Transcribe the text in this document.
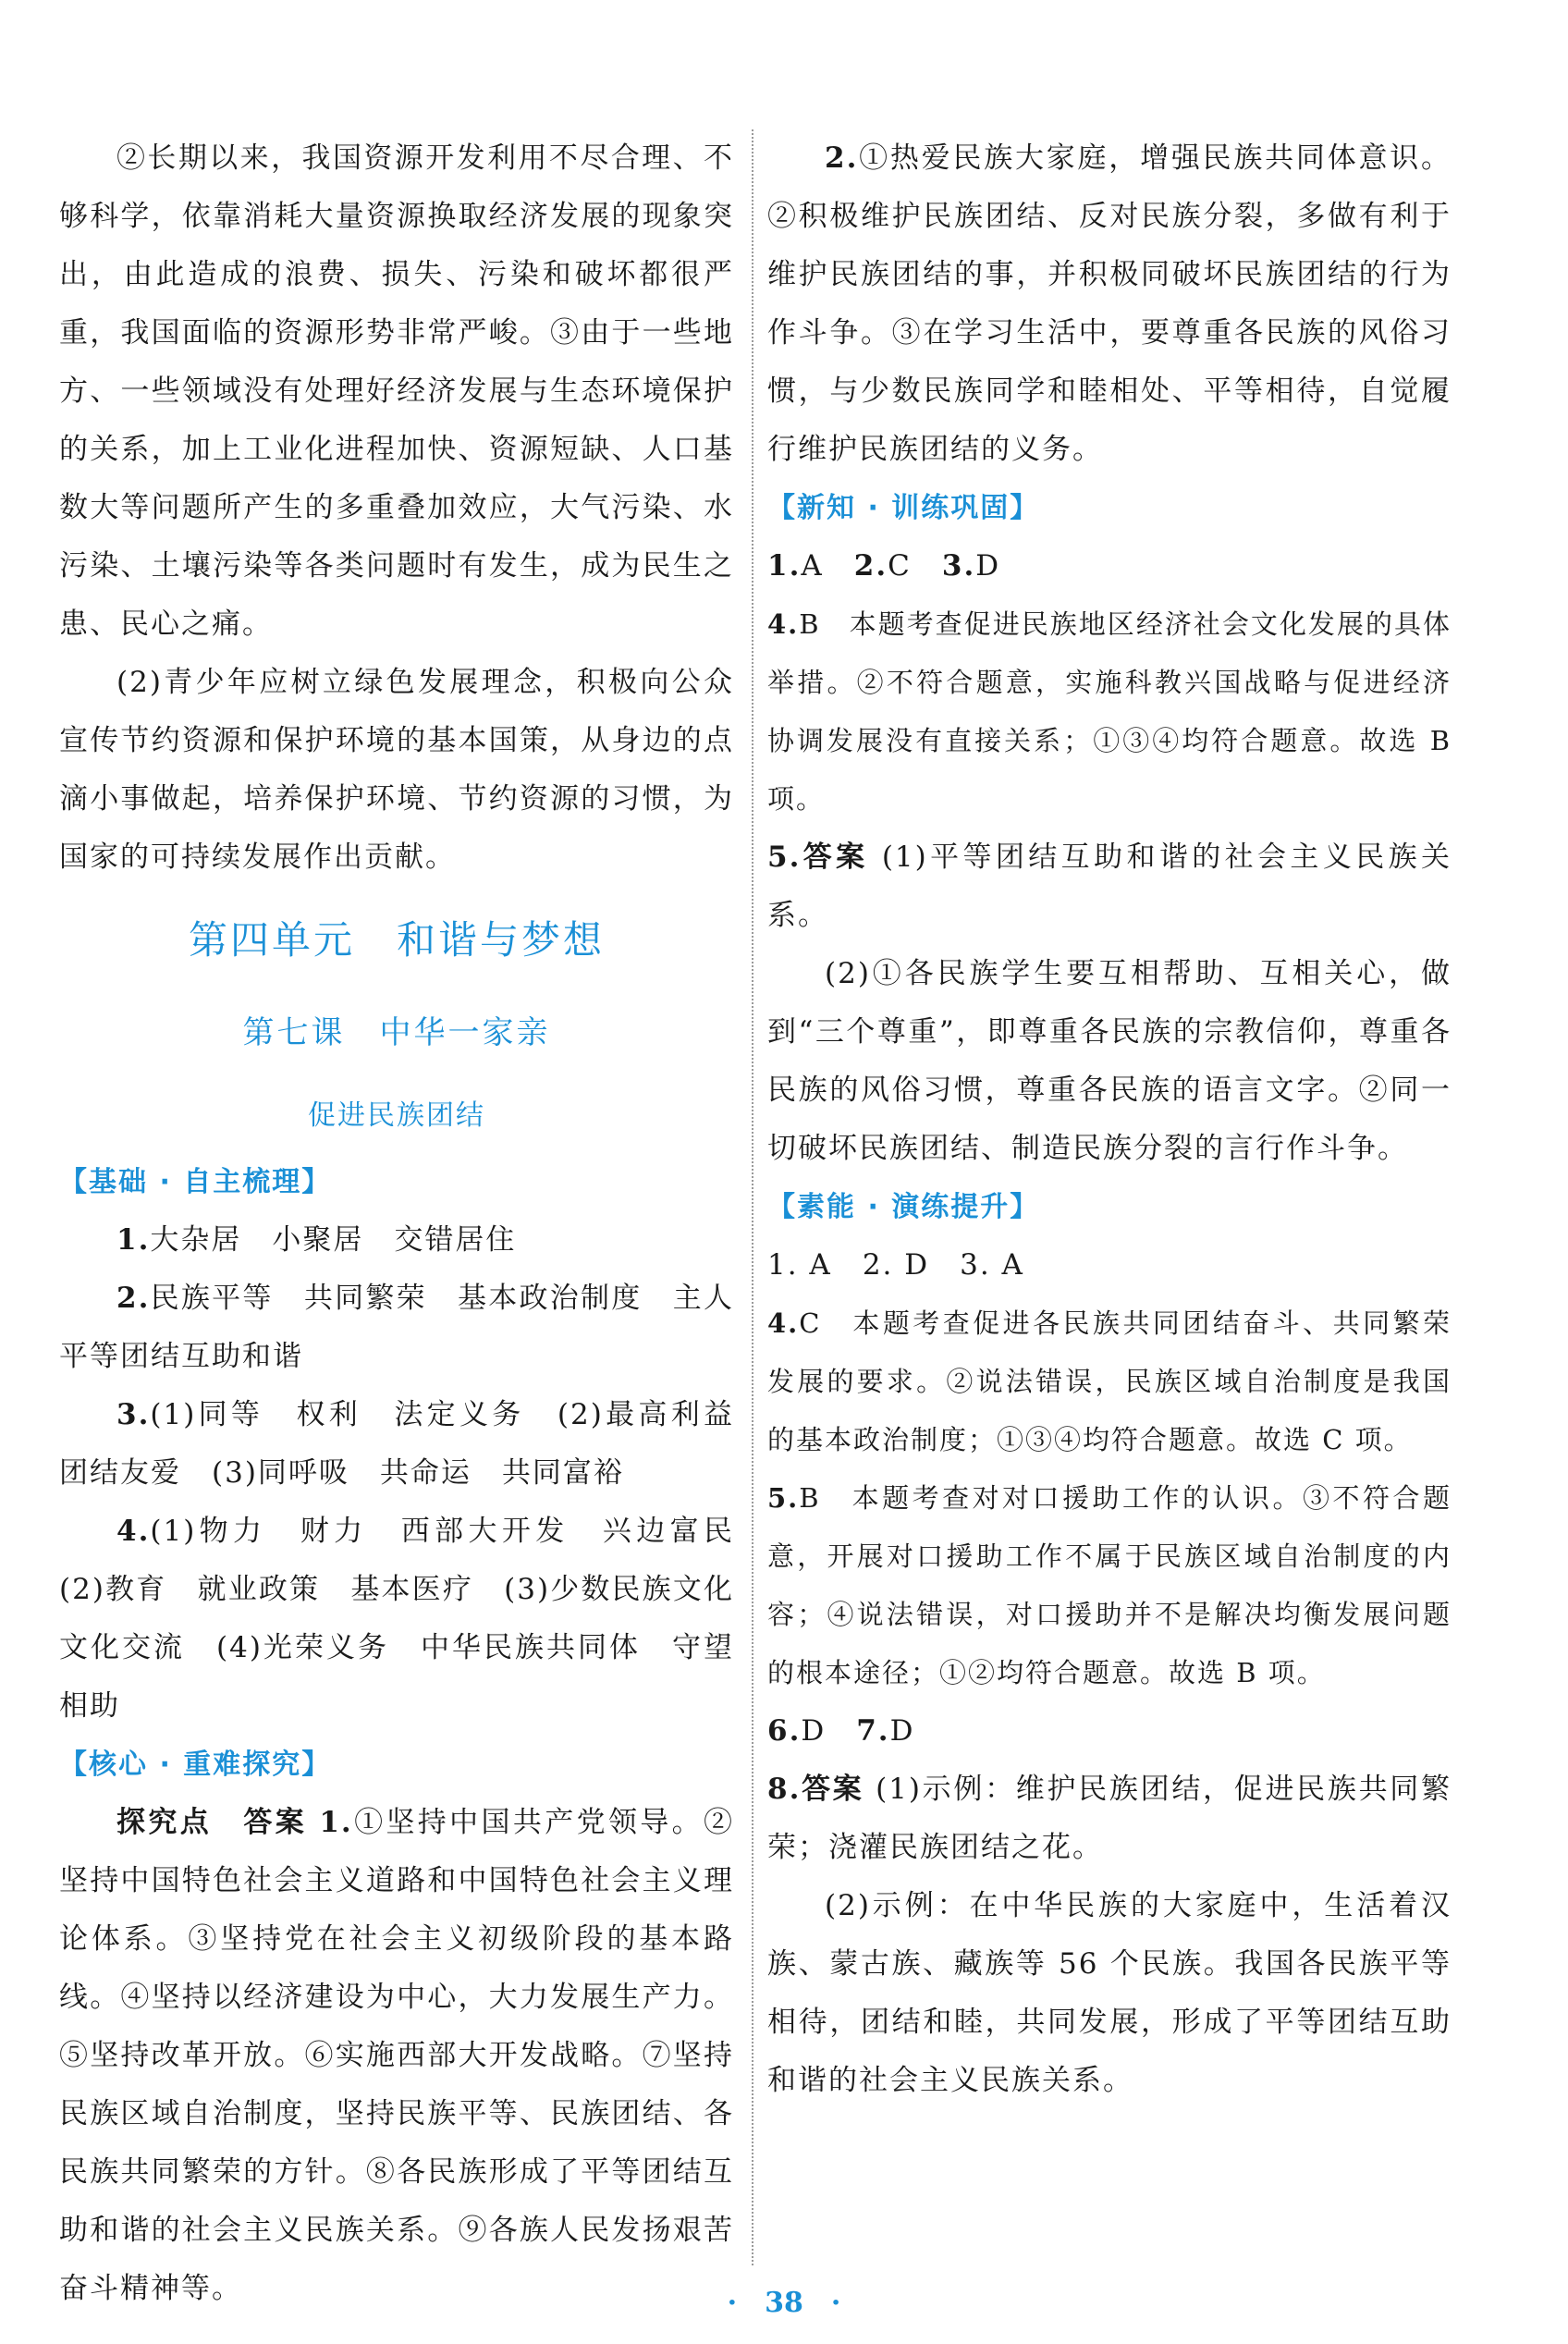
②长期以来，我国资源开发利用不尽合理、不够科学，依靠消耗大量资源换取经济发展的现象突出，由此造成的浪费、损失、污染和破坏都很严重，我国面临的资源形势非常严峻。③由于一些地方、一些领域没有处理好经济发展与生态环境保护的关系，加上工业化进程加快、资源短缺、人口基数大等问题所产生的多重叠加效应，大气污染、水污染、土壤污染等各类问题时有发生，成为民生之患、民心之痛。

(2)青少年应树立绿色发展理念，积极向公众宣传节约资源和保护环境的基本国策，从身边的点滴小事做起，培养保护环境、节约资源的习惯，为国家的可持续发展作出贡献。

第四单元　和谐与梦想
第七课　中华一家亲
促进民族团结

【基础 · 自主梳理】

1.大杂居　小聚居　交错居住

2.民族平等　共同繁荣　基本政治制度　主人　平等团结互助和谐

3.(1)同等　权利　法定义务　(2)最高利益　团结友爱　(3)同呼吸　共命运　共同富裕

4.(1)物力　财力　西部大开发　兴边富民　(2)教育　就业政策　基本医疗　(3)少数民族文化　文化交流　(4)光荣义务　中华民族共同体　守望相助

【核心 · 重难探究】

探究点　答案 1.①坚持中国共产党领导。②坚持中国特色社会主义道路和中国特色社会主义理论体系。③坚持党在社会主义初级阶段的基本路线。④坚持以经济建设为中心，大力发展生产力。⑤坚持改革开放。⑥实施西部大开发战略。⑦坚持民族区域自治制度，坚持民族平等、民族团结、各民族共同繁荣的方针。⑧各民族形成了平等团结互助和谐的社会主义民族关系。⑨各族人民发扬艰苦奋斗精神等。

2.①热爱民族大家庭，增强民族共同体意识。②积极维护民族团结、反对民族分裂，多做有利于维护民族团结的事，并积极同破坏民族团结的行为作斗争。③在学习生活中，要尊重各民族的风俗习惯，与少数民族同学和睦相处、平等相待，自觉履行维护民族团结的义务。

【新知 · 训练巩固】

1.A　2.C　3.D

4.B　本题考查促进民族地区经济社会文化发展的具体举措。②不符合题意，实施科教兴国战略与促进经济协调发展没有直接关系；①③④均符合题意。故选 B 项。

5.答案 (1)平等团结互助和谐的社会主义民族关系。

(2)①各民族学生要互相帮助、互相关心，做到“三个尊重”，即尊重各民族的宗教信仰，尊重各民族的风俗习惯，尊重各民族的语言文字。②同一切破坏民族团结、制造民族分裂的言行作斗争。

【素能 · 演练提升】

1. A　2. D　3. A

4.C　本题考查促进各民族共同团结奋斗、共同繁荣发展的要求。②说法错误，民族区域自治制度是我国的基本政治制度；①③④均符合题意。故选 C 项。

5.B　本题考查对对口援助工作的认识。③不符合题意，开展对口援助工作不属于民族区域自治制度的内容；④说法错误，对口援助并不是解决均衡发展问题的根本途径；①②均符合题意。故选 B 项。

6.D　7.D

8.答案 (1)示例：维护民族团结，促进民族共同繁荣；浇灌民族团结之花。

(2)示例：在中华民族的大家庭中，生活着汉族、蒙古族、藏族等 56 个民族。我国各民族平等相待，团结和睦，共同发展，形成了平等团结互助和谐的社会主义民族关系。

·　38　·
